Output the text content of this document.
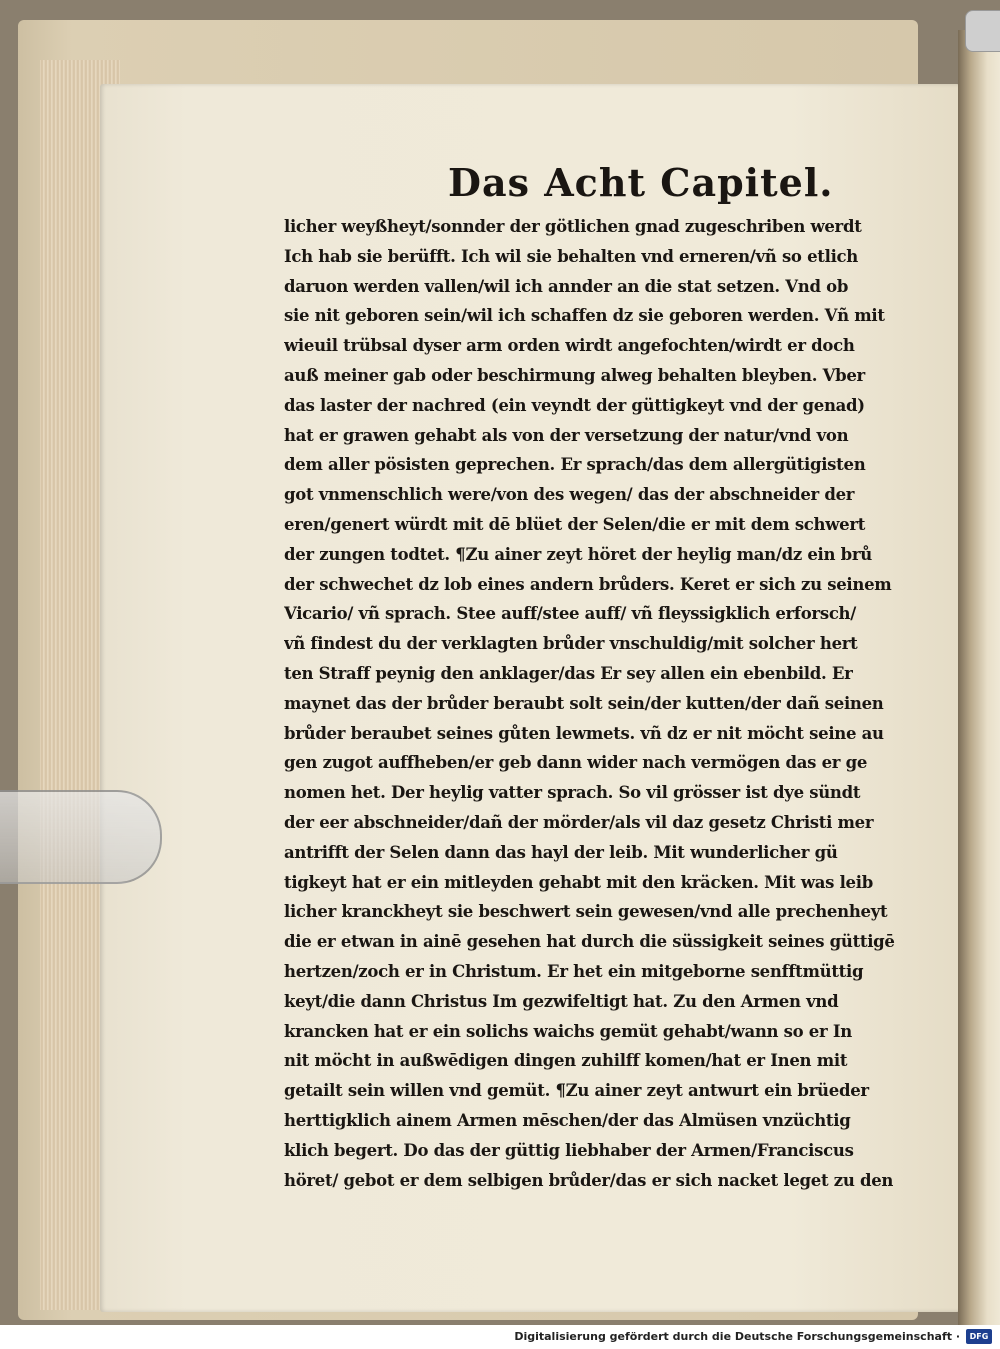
Das Acht Capitel.
licher weyßheyt/sonnder der götlichen gnad zugeschriben werdt
Ich hab sie berüfft. Ich wil sie behalten vnd erneren/vñ so etlich
daruon werden vallen/wil ich annder an die stat setzen. Vnd ob
sie nit geboren sein/wil ich schaffen dz sie geboren werden. Vñ mit
wieuil trübsal dyser arm orden wirdt angefochten/wirdt er doch
auß meiner gab oder beschirmung alweg behalten bleyben. Vber
das laster der nachred (ein veyndt der güttigkeyt vnd der genad)
hat er grawen gehabt als von der versetzung der natur/vnd von
dem aller pösisten geprechen. Er sprach/das dem allergütigisten
got vnmenschlich were/von des wegen/ das der abschneider der
eren/genert würdt mit dē blüet der Selen/die er mit dem schwert
der zungen todtet. ¶Zu ainer zeyt höret der heylig man/dz ein brů
der schwechet dz lob eines andern brůders. Keret er sich zu seinem
Vicario/ vñ sprach. Stee auff/stee auff/ vñ fleyssigklich erforsch/
vñ findest du der verklagten brůder vnschuldig/mit solcher hert
ten Straff peynig den anklager/das Er sey allen ein ebenbild. Er
maynet das der brůder beraubt solt sein/der kutten/der dañ seinen
brůder beraubet seines gůten lewmets. vñ dz er nit möcht seine au
gen zugot auffheben/er geb dann wider nach vermögen das er ge
nomen het. Der heylig vatter sprach. So vil grösser ist dye sündt
der eer abschneider/dañ der mörder/als vil daz gesetz Christi mer
antrifft der Selen dann das hayl der leib. Mit wunderlicher gü
tigkeyt hat er ein mitleyden gehabt mit den kräcken. Mit was leib
licher kranckheyt sie beschwert sein gewesen/vnd alle prechenheyt
die er etwan in ainē gesehen hat durch die süssigkeit seines güttigē
hertzen/zoch er in Christum. Er het ein mitgeborne senfftmüttig
keyt/die dann Christus Im gezwifeltigt hat. Zu den Armen vnd
krancken hat er ein solichs waichs gemüt gehabt/wann so er In
nit möcht in außwēdigen dingen zuhilff komen/hat er Inen mit
getailt sein willen vnd gemüt. ¶Zu ainer zeyt antwurt ein brüeder
herttigklich ainem Armen mēschen/der das Almüsen vnzüchtig
klich begert. Do das der güttig liebhaber der Armen/Franciscus
höret/ gebot er dem selbigen brůder/das er sich nacket leget zu den
Digitalisierung gefördert durch die Deutsche Forschungsgemeinschaft ·	DFG
